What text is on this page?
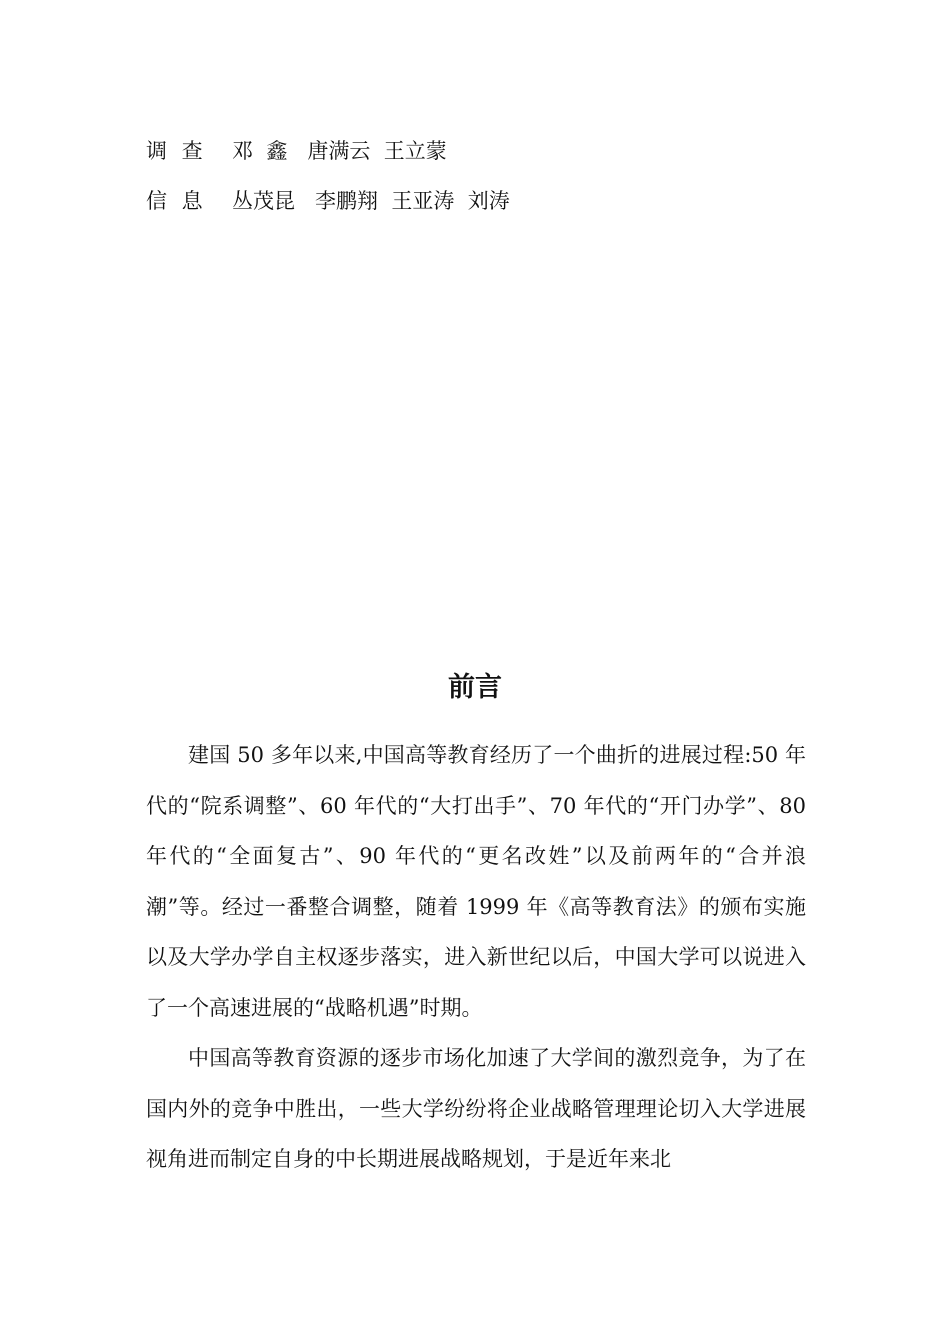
调 查 邓  鑫   唐满云  王立蒙
信 息 丛茂昆   李鹏翔  王亚涛  刘涛
前言

建国 50 多年以来,中国高等教育经历了一个曲折的进展过程:50 年代的“院系调整”、60 年代的“大打出手”、70 年代的“开门办学”、80 年代的“全面复古”、90 年代的“更名改姓”以及前两年的“合并浪潮”等。经过一番整合调整，随着 1999 年《高等教育法》的颁布实施以及大学办学自主权逐步落实，进入新世纪以后，中国大学可以说进入了一个高速进展的“战略机遇”时期。

中国高等教育资源的逐步市场化加速了大学间的激烈竞争，为了在国内外的竞争中胜出，一些大学纷纷将企业战略管理理论切入大学进展视角进而制定自身的中长期进展战略规划，于是近年来北
